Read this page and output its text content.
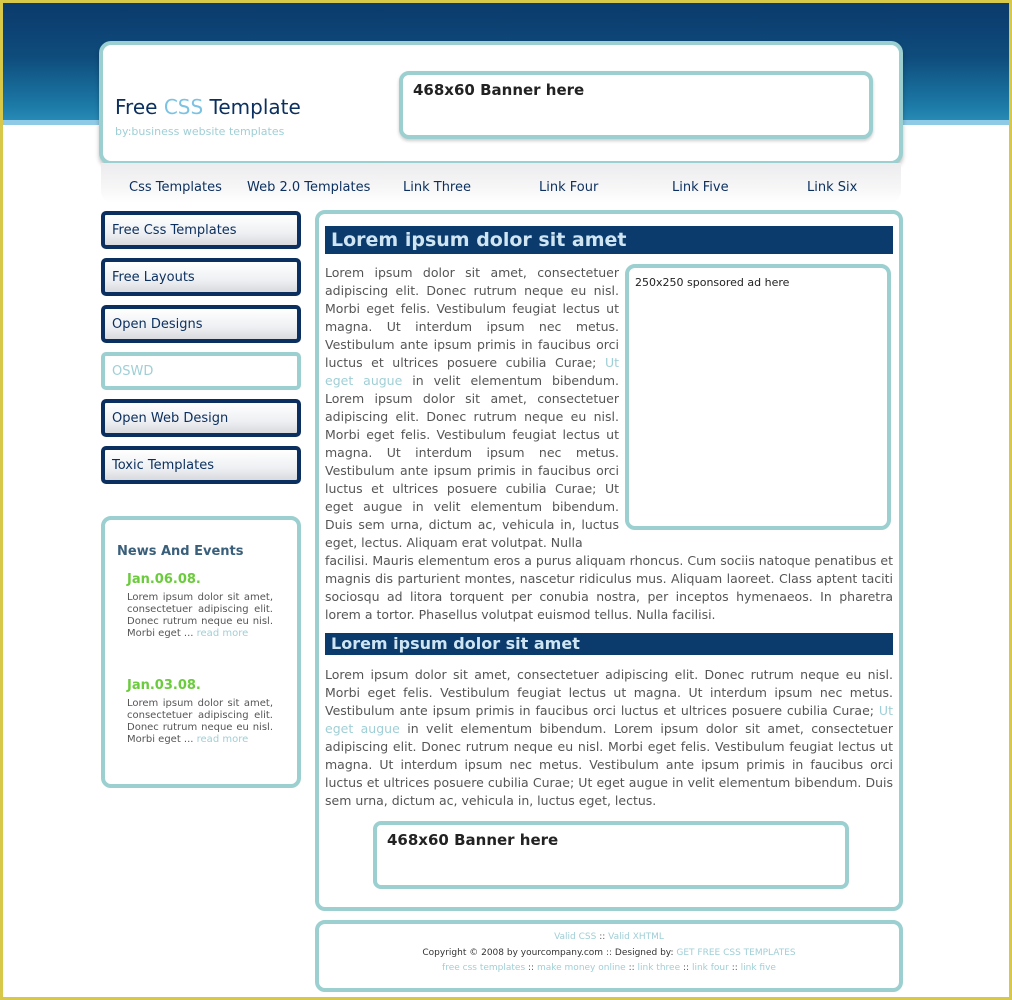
Free CSS Template
by:business website templates
468x60 Banner here
Css Templates Web 2.0 Templates	Link Three	Link Four	Link Five	Link Six
Free Css Templates
Free Layouts
Open Designs
OSWD
Open Web Design
Toxic Templates
News And Events
Jan.06.08.
Lorem ipsum dolor sit amet, consectetuer adipiscing elit. Donec rutrum neque eu nisl. Morbi eget ... read more
Jan.03.08.
Lorem ipsum dolor sit amet, consectetuer adipiscing elit. Donec rutrum neque eu nisl. Morbi eget ... read more
Lorem ipsum dolor sit amet
Lorem ipsum dolor sit amet, consectetuer adipiscing elit. Donec rutrum neque eu nisl. Morbi eget felis. Vestibulum feugiat lectus ut magna. Ut interdum ipsum nec metus. Vestibulum ante ipsum primis in faucibus orci luctus et ultrices posuere cubilia Curae; Ut eget augue in velit elementum bibendum. Lorem ipsum dolor sit amet, consectetuer adipiscing elit. Donec rutrum neque eu nisl. Morbi eget felis. Vestibulum feugiat lectus ut magna. Ut interdum ipsum nec metus. Vestibulum ante ipsum primis in faucibus orci luctus et ultrices posuere cubilia Curae; Ut eget augue in velit elementum bibendum. Duis sem urna, dictum ac, vehicula in, luctus eget, lectus. Aliquam erat volutpat. Nulla
250x250 sponsored ad here
facilisi. Mauris elementum eros a purus aliquam rhoncus. Cum sociis natoque penatibus et magnis dis parturient montes, nascetur ridiculus mus. Aliquam laoreet. Class aptent taciti sociosqu ad litora torquent per conubia nostra, per inceptos hymenaeos. In pharetra lorem a tortor. Phasellus volutpat euismod tellus. Nulla facilisi.
Lorem ipsum dolor sit amet
Lorem ipsum dolor sit amet, consectetuer adipiscing elit. Donec rutrum neque eu nisl. Morbi eget felis. Vestibulum feugiat lectus ut magna. Ut interdum ipsum nec metus. Vestibulum ante ipsum primis in faucibus orci luctus et ultrices posuere cubilia Curae; Ut eget augue in velit elementum bibendum. Lorem ipsum dolor sit amet, consectetuer adipiscing elit. Donec rutrum neque eu nisl. Morbi eget felis. Vestibulum feugiat lectus ut magna. Ut interdum ipsum nec metus. Vestibulum ante ipsum primis in faucibus orci luctus et ultrices posuere cubilia Curae; Ut eget augue in velit elementum bibendum. Duis sem urna, dictum ac, vehicula in, luctus eget, lectus.
468x60 Banner here
Valid CSS :: Valid XHTML
Copyright © 2008 by yourcompany.com :: Designed by: GET FREE CSS TEMPLATES
free css templates :: make money online :: link three :: link four :: link five
